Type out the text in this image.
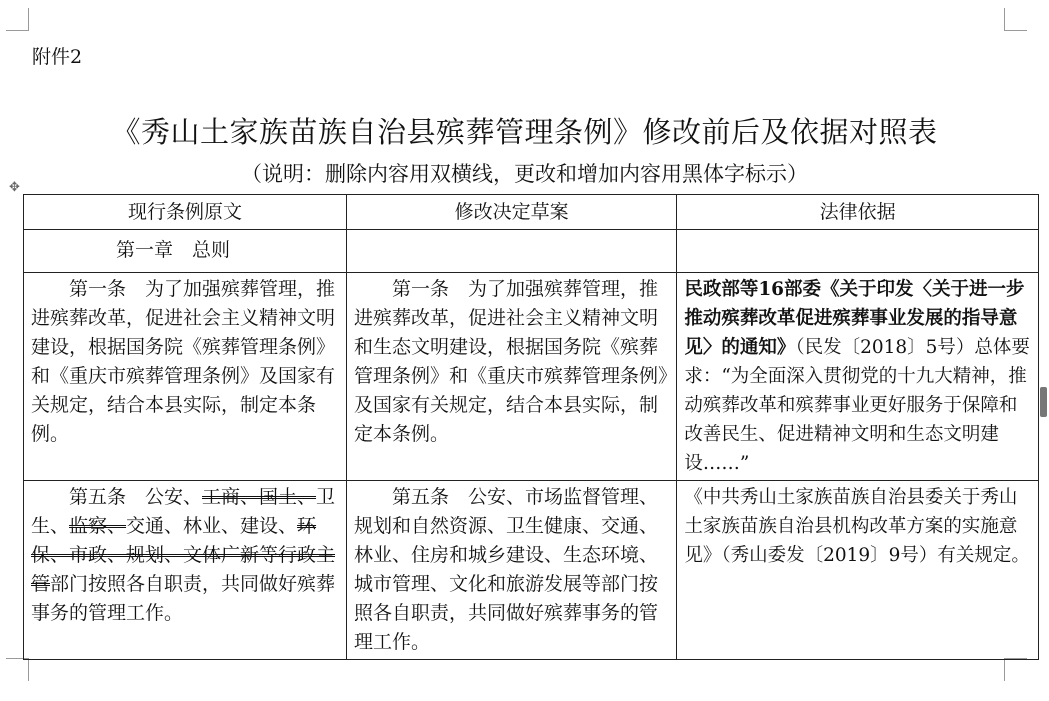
附件2
《秀山土家族苗族自治县殡葬管理条例》修改前后及依据对照表
（说明：删除内容用双横线，更改和增加内容用黑体字标示）
✥
现行条例原文	修改决定草案	法律依据
第一章　总则		
第一条　为了加强殡葬管理，推进殡葬改革，促进社会主义精神文明建设，根据国务院《殡葬管理条例》和《重庆市殡葬管理条例》及国家有关规定，结合本县实际，制定本条例。	第一条　为了加强殡葬管理，推进殡葬改革，促进社会主义精神文明和生态文明建设，根据国务院《殡葬管理条例》和《重庆市殡葬管理条例》及国家有关规定，结合本县实际，制定本条例。	民政部等16部委《关于印发〈关于进一步推动殡葬改革促进殡葬事业发展的指导意见〉的通知》（民发〔2018〕5号）总体要求：“为全面深入贯彻党的十九大精神，推动殡葬改革和殡葬事业更好服务于保障和改善民生、促进精神文明和生态文明建设……”
第五条　公安、工商、国土、卫生、监察、交通、林业、建设、环保、市政、规划、文体广新等行政主管部门按照各自职责，共同做好殡葬事务的管理工作。	第五条　公安、市场监督管理、规划和自然资源、卫生健康、交通、林业、住房和城乡建设、生态环境、城市管理、文化和旅游发展等部门按照各自职责，共同做好殡葬事务的管理工作。	《中共秀山土家族苗族自治县委关于秀山土家族苗族自治县机构改革方案的实施意见》（秀山委发〔2019〕9号）有关规定。
